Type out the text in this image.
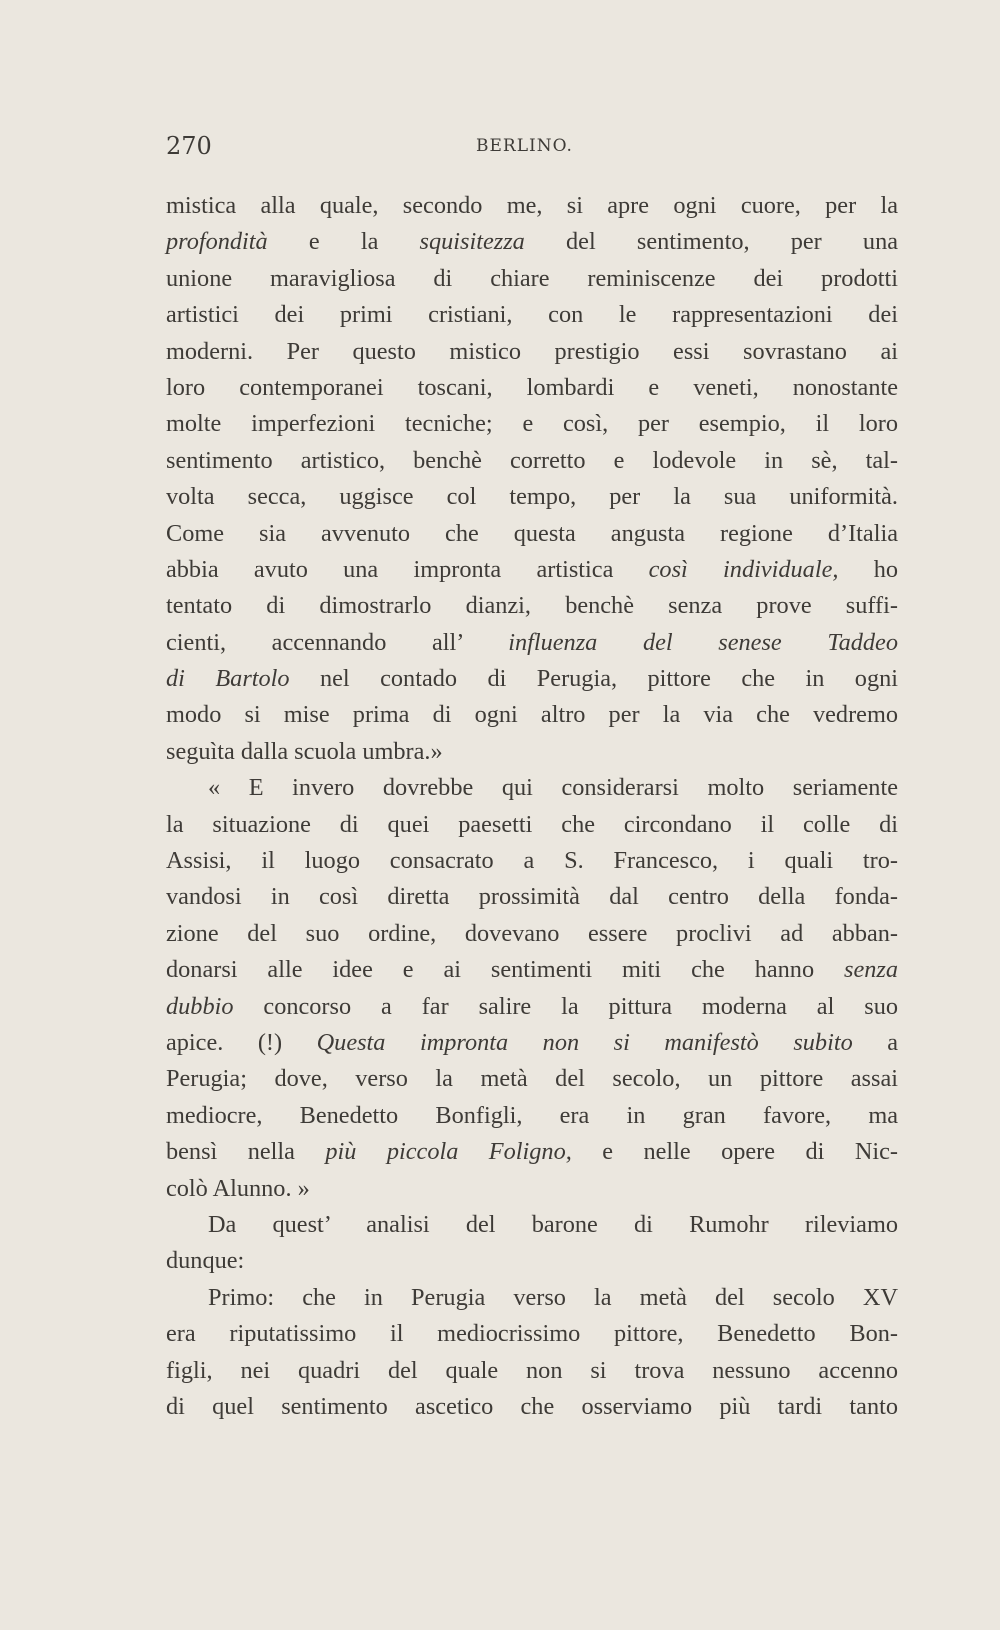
270	BERLINO.
mistica alla quale, secondo me, si apre ogni cuore, per la
profondità e la squisitezza del sentimento, per una
unione maravigliosa di chiare reminiscenze dei prodotti
artistici dei primi cristiani, con le rappresentazioni dei
moderni. Per questo mistico prestigio essi sovrastano ai
loro contemporanei toscani, lombardi e veneti, nonostante
molte imperfezioni tecniche; e così, per esempio, il loro
sentimento artistico, benchè corretto e lodevole in sè, tal-
volta secca, uggisce col tempo, per la sua uniformità.
Come sia avvenuto che questa angusta regione d’Italia
abbia avuto una impronta artistica così individuale, ho
tentato di dimostrarlo dianzi, benchè senza prove suffi-
cienti, accennando all’ influenza del senese Taddeo
di Bartolo nel contado di Perugia, pittore che in ogni
modo si mise prima di ogni altro per la via che vedremo
seguìta dalla scuola umbra.»
« E invero dovrebbe qui considerarsi molto seriamente
la situazione di quei paesetti che circondano il colle di
Assisi, il luogo consacrato a S. Francesco, i quali tro-
vandosi in così diretta prossimità dal centro della fonda-
zione del suo ordine, dovevano essere proclivi ad abban-
donarsi alle idee e ai sentimenti miti che hanno senza
dubbio concorso a far salire la pittura moderna al suo
apice. (!) Questa impronta non si manifestò subito a
Perugia; dove, verso la metà del secolo, un pittore assai
mediocre, Benedetto Bonfigli, era in gran favore, ma
bensì nella più piccola Foligno, e nelle opere di Nic-
colò Alunno. »
Da quest’ analisi del barone di Rumohr rileviamo
dunque:
Primo: che in Perugia verso la metà del secolo XV
era riputatissimo il mediocrissimo pittore, Benedetto Bon-
figli, nei quadri del quale non si trova nessuno accenno
di quel sentimento ascetico che osserviamo più tardi tanto
